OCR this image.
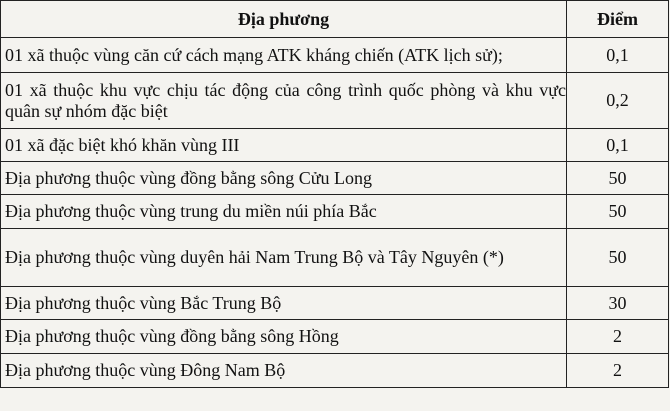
Địa phương	Điểm
01 xã thuộc vùng căn cứ cách mạng ATK kháng chiến (ATK lịch sử);	0,1
01 xã thuộc khu vực chịu tác động của công trình quốc phòng và khu vực quân sự nhóm đặc biệt	0,2
01 xã đặc biệt khó khăn vùng III	0,1
Địa phương thuộc vùng đồng bằng sông Cửu Long	50
Địa phương thuộc vùng trung du miền núi phía Bắc	50
Địa phương thuộc vùng duyên hải Nam Trung Bộ và Tây Nguyên (*)	50
Địa phương thuộc vùng Bắc Trung Bộ	30
Địa phương thuộc vùng đồng bằng sông Hồng	2
Địa phương thuộc vùng Đông Nam Bộ	2
